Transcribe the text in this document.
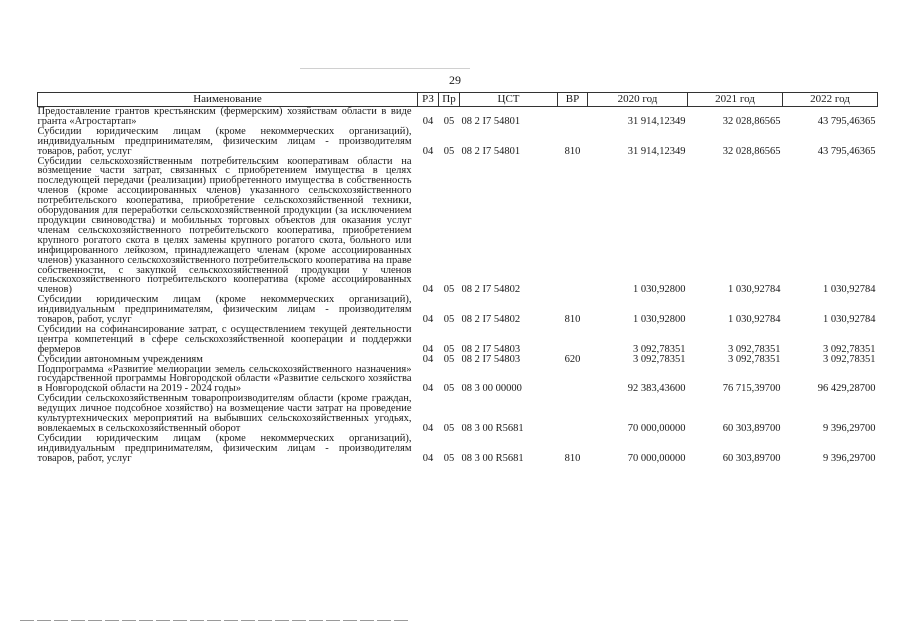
29
Наименование	РЗ	Пр	ЦСТ	ВР	2020 год	2021 год	2022 год
Предоставление грантов крестьянским (фермерским) хозяйствам области в виде гранта «Агростартап»	04	05	08 2 I7 54801		31 914,12349	32 028,86565	43 795,46365
Субсидии юридическим лицам (кроме некоммерческих организаций), индивидуальным предпринимателям, физическим лицам - производителям товаров, работ, услуг	04	05	08 2 I7 54801	810	31 914,12349	32 028,86565	43 795,46365
Субсидии сельскохозяйственным потребительским кооперативам области на возмещение части затрат, связанных с приобретением имущества в целях последующей передачи (реализации) приобретенного имущества в собственность членов (кроме ассоциированных членов) указанного сельскохозяйственного потребительского кооператива, приобретение сельскохозяйственной техники, оборудования для переработки сельскохозяйственной продукции (за исключением продукции свиноводства) и мобильных торговых объектов для оказания услуг членам сельскохозяйственного потребительского кооператива, приобретением крупного рогатого скота в целях замены крупного рогатого скота, больного или инфицированного лейкозом, принадлежащего членам (кроме ассоциированных членов) указанного сельскохозяйственного потребительского кооператива на праве собственности, с закупкой сельскохозяйственной продукции у членов сельскохозяйственного потребительского кооператива (кроме ассоциированных членов)	04	05	08 2 I7 54802		1 030,92800	1 030,92784	1 030,92784
Субсидии юридическим лицам (кроме некоммерческих организаций), индивидуальным предпринимателям, физическим лицам - производителям товаров, работ, услуг	04	05	08 2 I7 54802	810	1 030,92800	1 030,92784	1 030,92784
Субсидии на софинансирование затрат, с осуществлением текущей деятельности центра компетенций в сфере сельскохозяйственной кооперации и поддержки фермеров	04	05	08 2 I7 54803		3 092,78351	3 092,78351	3 092,78351
Субсидии автономным учреждениям	04	05	08 2 I7 54803	620	3 092,78351	3 092,78351	3 092,78351
Подпрограмма «Развитие мелиорации земель сельскохозяйственного назначения» государственной программы Новгородской области «Развитие сельского хозяйства в Новгородской области на 2019 - 2024 годы»	04	05	08 3 00 00000		92 383,43600	76 715,39700	96 429,28700
Субсидии сельскохозяйственным товаропроизводителям области (кроме граждан, ведущих личное подсобное хозяйство) на возмещение части затрат на проведение культуртехнических мероприятий на выбывших сельскохозяйственных угодьях, вовлекаемых в сельскохозяйственный оборот	04	05	08 3 00 R5681		70 000,00000	60 303,89700	9 396,29700
Субсидии юридическим лицам (кроме некоммерческих организаций), индивидуальным предпринимателям, физическим лицам - производителям товаров, работ, услуг	04	05	08 3 00 R5681	810	70 000,00000	60 303,89700	9 396,29700
